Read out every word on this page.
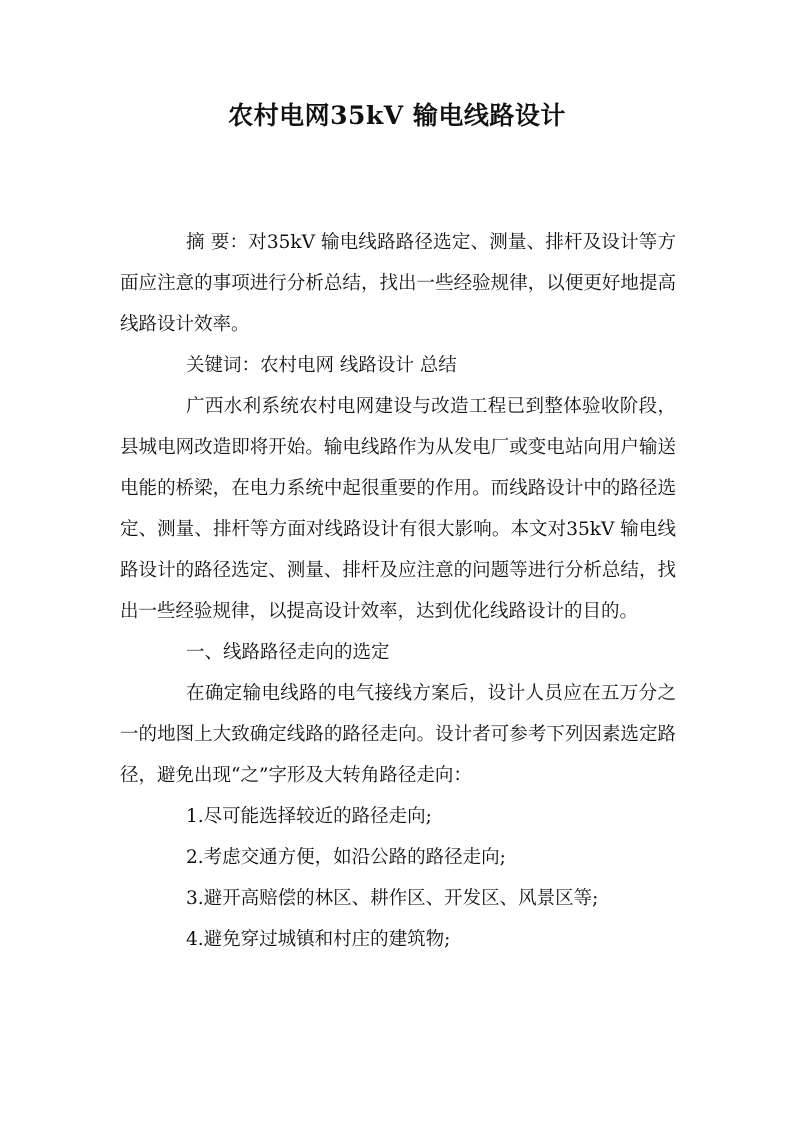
农村电网35kV 输电线路设计

摘 要：对35kV 输电线路路径选定、测量、排杆及设计等方面应注意的事项进行分析总结，找出一些经验规律，以便更好地提高线路设计效率。

关键词：农村电网 线路设计 总结

广西水利系统农村电网建设与改造工程已到整体验收阶段，县城电网改造即将开始。输电线路作为从发电厂或变电站向用户输送电能的桥梁，在电力系统中起很重要的作用。而线路设计中的路径选定、测量、排杆等方面对线路设计有很大影响。本文对35kV 输电线路设计的路径选定、测量、排杆及应注意的问题等进行分析总结，找出一些经验规律，以提高设计效率，达到优化线路设计的目的。

一、线路路径走向的选定

在确定输电线路的电气接线方案后，设计人员应在五万分之一的地图上大致确定线路的路径走向。设计者可参考下列因素选定路径，避免出现“之”字形及大转角路径走向：

1.尽可能选择较近的路径走向;

2.考虑交通方便，如沿公路的路径走向;

3.避开高赔偿的林区、耕作区、开发区、风景区等;

4.避免穿过城镇和村庄的建筑物;
